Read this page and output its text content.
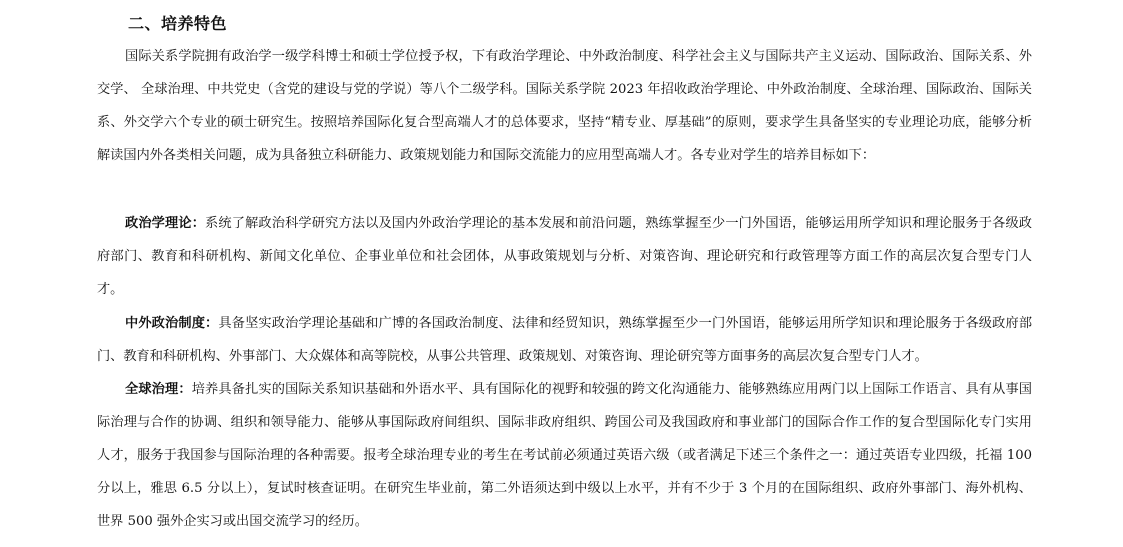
二、培养特色

国际关系学院拥有政治学一级学科博士和硕士学位授予权，下有政治学理论、中外政治制度、科学社会主义与国际共产主义运动、国际政治、国际关系、外交学、 全球治理、中共党史（含党的建设与党的学说）等八个二级学科。国际关系学院 2023 年招收政治学理论、中外政治制度、全球治理、国际政治、国际关系、外交学六个专业的硕士研究生。按照培养国际化复合型高端人才的总体要求，坚持“精专业、厚基础”的原则，要求学生具备坚实的专业理论功底，能够分析解读国内外各类相关问题，成为具备独立科研能力、政策规划能力和国际交流能力的应用型高端人才。各专业对学生的培养目标如下：

政治学理论：系统了解政治科学研究方法以及国内外政治学理论的基本发展和前沿问题，熟练掌握至少一门外国语，能够运用所学知识和理论服务于各级政府部门、教育和科研机构、新闻文化单位、企事业单位和社会团体，从事政策规划与分析、对策咨询、理论研究和行政管理等方面工作的高层次复合型专门人才。

中外政治制度：具备坚实政治学理论基础和广博的各国政治制度、法律和经贸知识，熟练掌握至少一门外国语，能够运用所学知识和理论服务于各级政府部门、教育和科研机构、外事部门、大众媒体和高等院校，从事公共管理、政策规划、对策咨询、理论研究等方面事务的高层次复合型专门人才。

全球治理：培养具备扎实的国际关系知识基础和外语水平、具有国际化的视野和较强的跨文化沟通能力、能够熟练应用两门以上国际工作语言、具有从事国际治理与合作的协调、组织和领导能力、能够从事国际政府间组织、国际非政府组织、跨国公司及我国政府和事业部门的国际合作工作的复合型国际化专门实用人才，服务于我国参与国际治理的各种需要。报考全球治理专业的考生在考试前必须通过英语六级（或者满足下述三个条件之一：通过英语专业四级，托福 100 分以上，雅思 6.5 分以上），复试时核查证明。在研究生毕业前，第二外语须达到中级以上水平，并有不少于 3 个月的在国际组织、政府外事部门、海外机构、世界 500 强外企实习或出国交流学习的经历。
